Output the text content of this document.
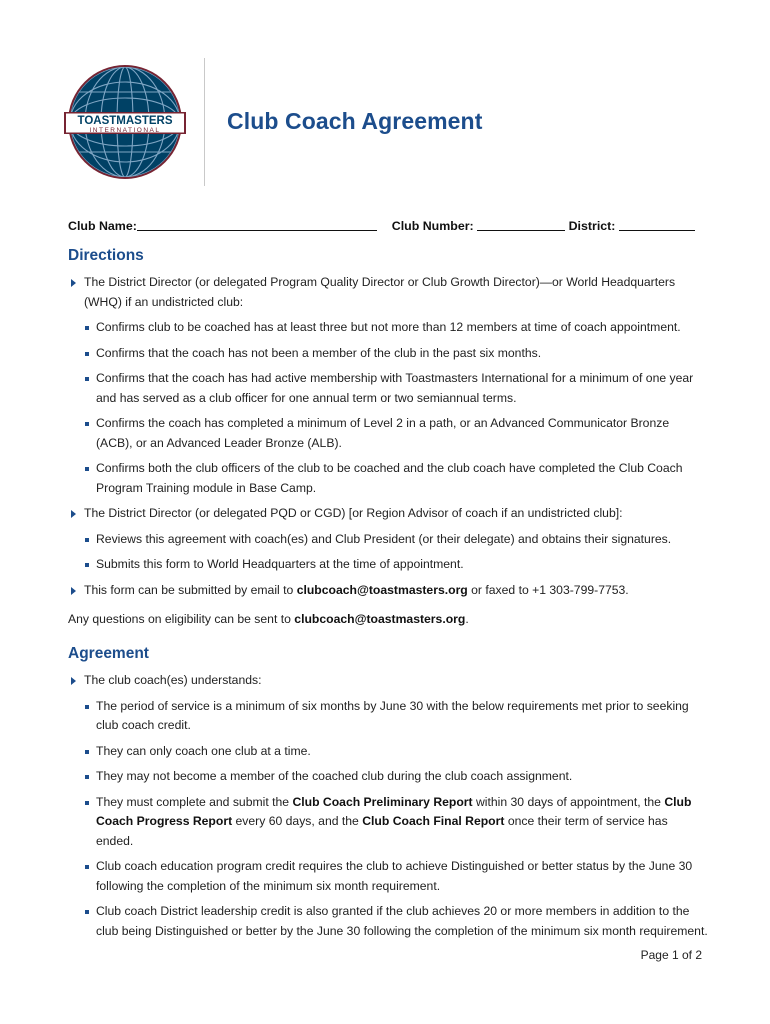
TOASTMASTERS
INTERNATIONAL	Club Coach Agreement
Club Name:	Club Number:	District:
Directions
The District Director (or delegated Program Quality Director or Club Growth Director)—or World Headquarters (WHQ) if an undistricted club:
Confirms club to be coached has at least three but not more than 12 members at time of coach appointment.
Confirms that the coach has not been a member of the club in the past six months.
Confirms that the coach has had active membership with Toastmasters International for a minimum of one year and has served as a club officer for one annual term or two semiannual terms.
Confirms the coach has completed a minimum of Level 2 in a path, or an Advanced Communicator Bronze (ACB), or an Advanced Leader Bronze (ALB).
Confirms both the club officers of the club to be coached and the club coach have completed the Club Coach Program Training module in Base Camp.
The District Director (or delegated PQD or CGD) [or Region Advisor of coach if an undistricted club]:
Reviews this agreement with coach(es) and Club President (or their delegate) and obtains their signatures.
Submits this form to World Headquarters at the time of appointment.
This form can be submitted by email to clubcoach@toastmasters.org or faxed to +1 303-799-7753.
Any questions on eligibility can be sent to clubcoach@toastmasters.org.
Agreement
The club coach(es) understands:
The period of service is a minimum of six months by June 30 with the below requirements met prior to seeking club coach credit.
They can only coach one club at a time.
They may not become a member of the coached club during the club coach assignment.
They must complete and submit the Club Coach Preliminary Report within 30 days of appointment, the Club Coach Progress Report every 60 days, and the Club Coach Final Report once their term of service has ended.
Club coach education program credit requires the club to achieve Distinguished or better status by the June 30 following the completion of the minimum six month requirement.
Club coach District leadership credit is also granted if the club achieves 20 or more members in addition to the club being Distinguished or better by the June 30 following the completion of the minimum six month requirement.
Page 1 of 2
